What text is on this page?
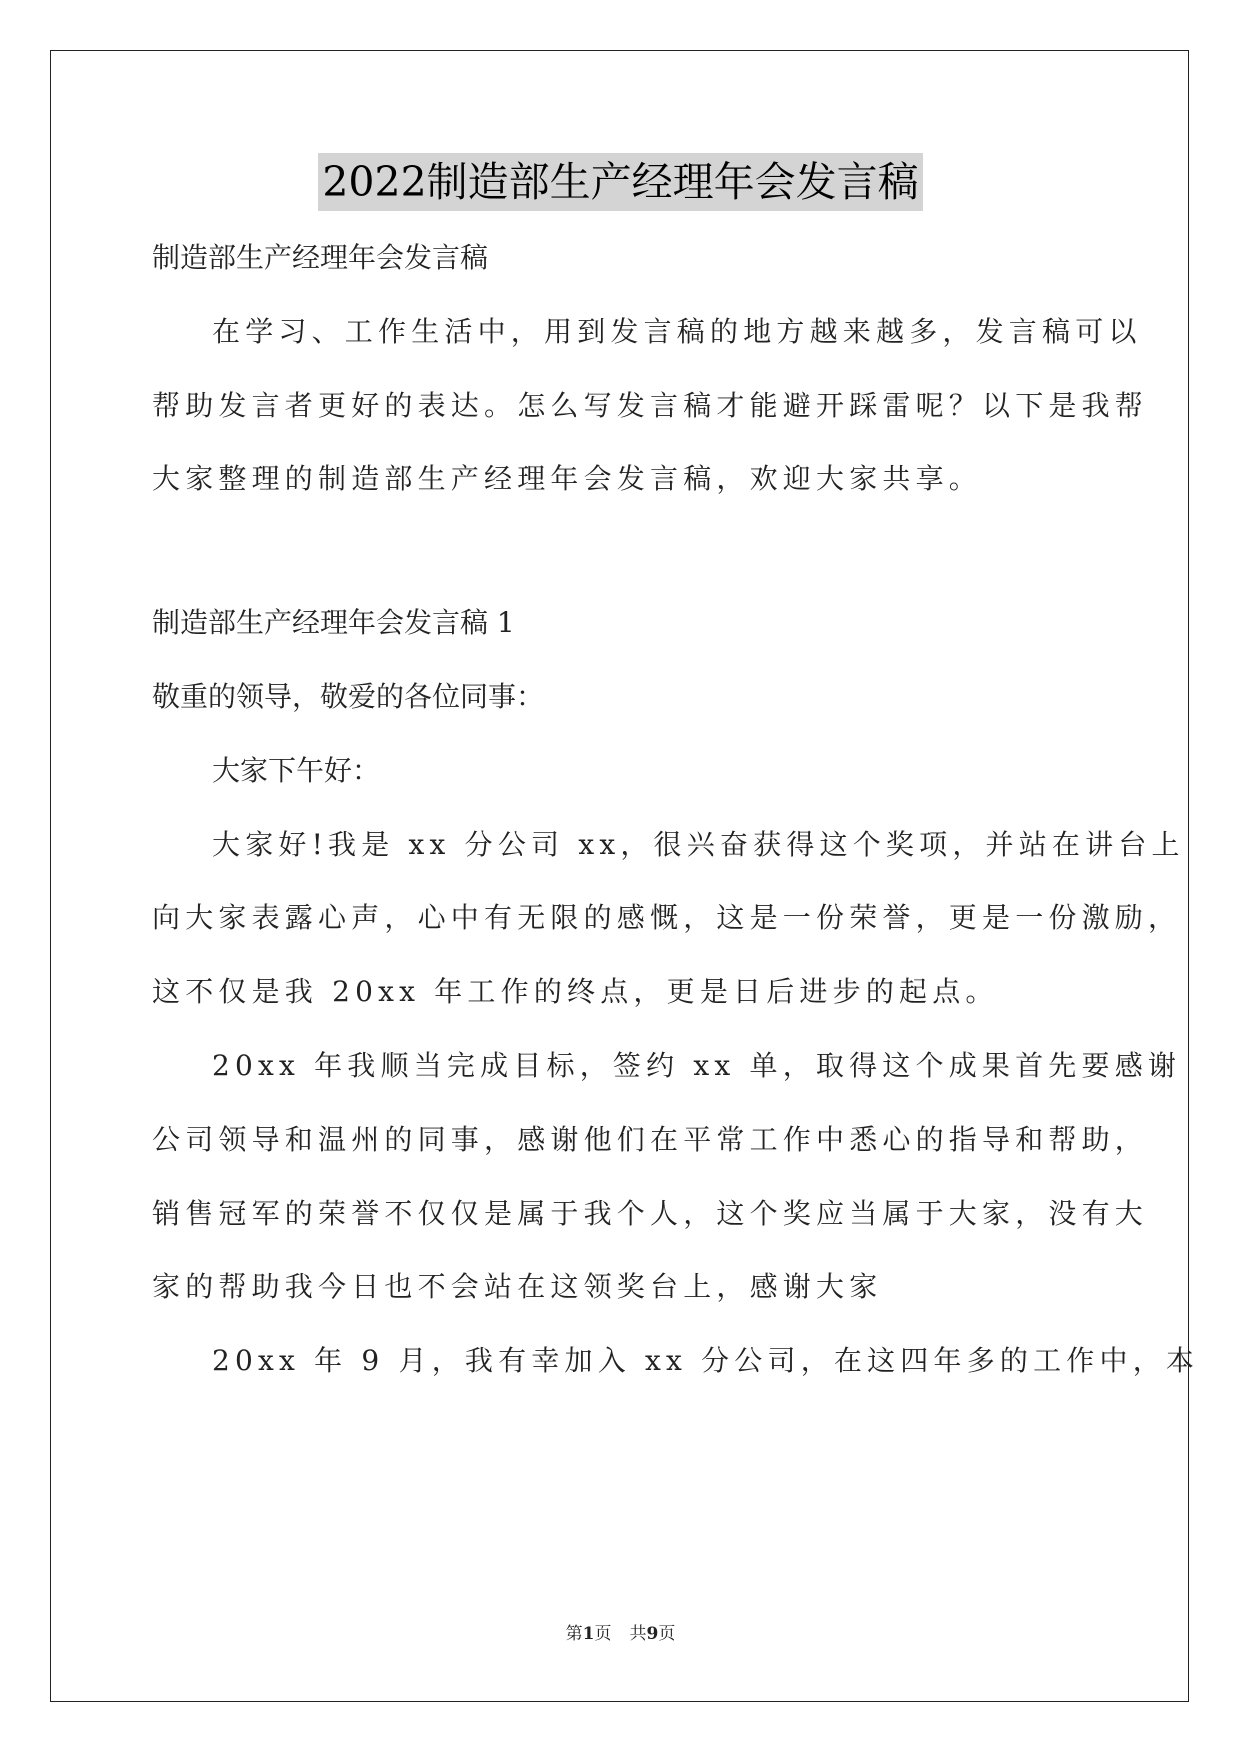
2022制造部生产经理年会发言稿
制造部生产经理年会发言稿
在学习、工作生活中，用到发言稿的地方越来越多，发言稿可以
帮助发言者更好的表达。怎么写发言稿才能避开踩雷呢？以下是我帮
大家整理的制造部生产经理年会发言稿，欢迎大家共享。
制造部生产经理年会发言稿 1
敬重的领导，敬爱的各位同事：
大家下午好：
大家好!我是 xx 分公司 xx，很兴奋获得这个奖项，并站在讲台上
向大家表露心声，心中有无限的感慨，这是一份荣誉，更是一份激励，
这不仅是我 20xx 年工作的终点，更是日后进步的起点。
20xx 年我顺当完成目标，签约 xx 单，取得这个成果首先要感谢
公司领导和温州的同事，感谢他们在平常工作中悉心的指导和帮助，
销售冠军的荣誉不仅仅是属于我个人，这个奖应当属于大家，没有大
家的帮助我今日也不会站在这领奖台上，感谢大家
20xx 年 9 月，我有幸加入 xx 分公司，在这四年多的工作中，本
第1页 共9页
